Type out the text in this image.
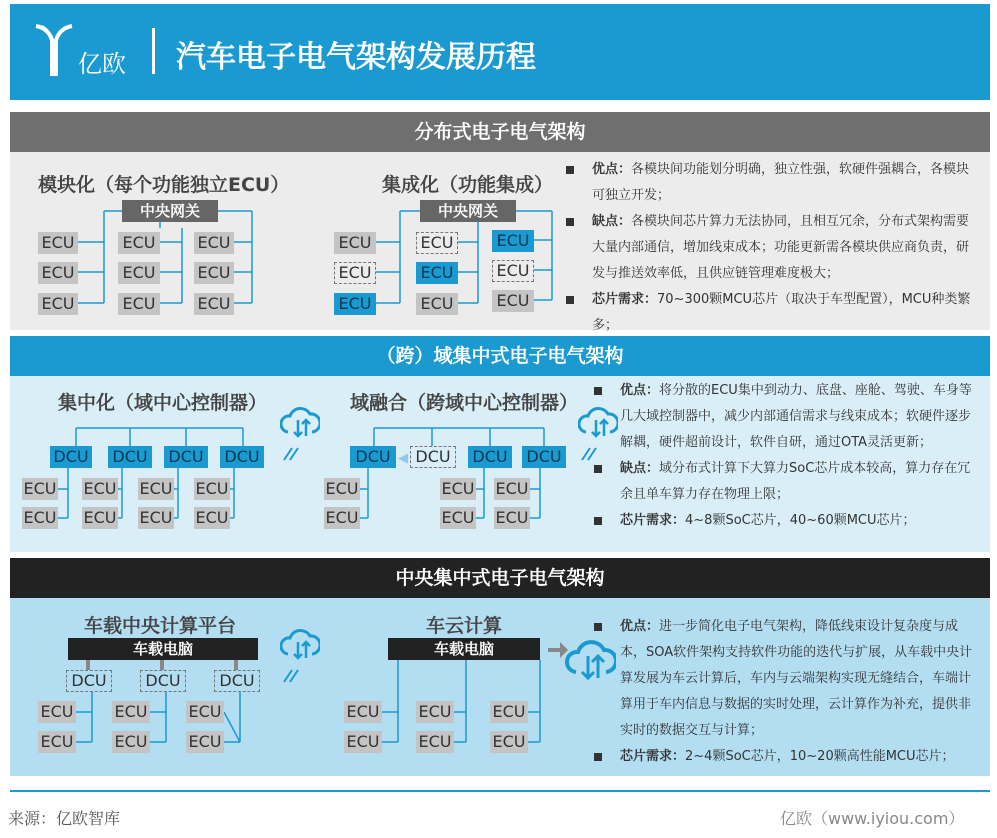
亿欧	汽车电子电气架构发展历程
分布式电子电气架构
（跨）域集中式电子电气架构
中央集中式电子电气架构
模块化（每个功能独立ECU）	集成化（功能集成）
中央网关	中央网关
ECU
ECU
ECU
ECU
ECU
ECU
ECU
ECU
ECU
ECU
ECU
ECU
ECU
ECU
ECU
ECU
ECU
ECU

优点：各模块间功能划分明确，独立性强，软硬件强耦合，各模块可独立开发；

缺点：各模块间芯片算力无法协同，且相互冗余，分布式架构需要大量内部通信，增加线束成本；功能更新需各模块供应商负责，研发与推送效率低，且供应链管理难度极大；

芯片需求：70~300颗MCU芯片（取决于车型配置），MCU种类繁多；

集中化（域中心控制器）	域融合（跨域中心控制器）
DCU DCU DCU DCU
ECU
ECU
ECU
ECU
ECU
ECU
ECU
ECU
DCU ◀ DCU	DCU DCU
ECU
ECU
ECU
ECU
ECU
ECU

优点：将分散的ECU集中到动力、底盘、座舱、驾驶、车身等几大域控制器中，减少内部通信需求与线束成本；软硬件逐步解耦，硬件超前设计，软件自研，通过OTA灵活更新；

缺点：域分布式计算下大算力SoC芯片成本较高，算力存在冗余且单车算力存在物理上限；

芯片需求：4~8颗SoC芯片，40~60颗MCU芯片；

车载中央计算平台	车云计算
车载电脑	车载电脑
DCU	DCU	DCU
ECU
ECU
ECU
ECU
ECU
ECU
ECU
ECU
ECU
ECU
ECU
ECU

优点：进一步简化电子电气架构，降低线束设计复杂度与成本，SOA软件架构支持软件功能的迭代与扩展，从车载中央计算发展为车云计算后，车内与云端架构实现无缝结合，车端计算用于车内信息与数据的实时处理，云计算作为补充，提供非实时的数据交互与计算；

芯片需求：2~4颗SoC芯片，10~20颗高性能MCU芯片；

来源：亿欧智库	亿欧（www.iyiou.com）
